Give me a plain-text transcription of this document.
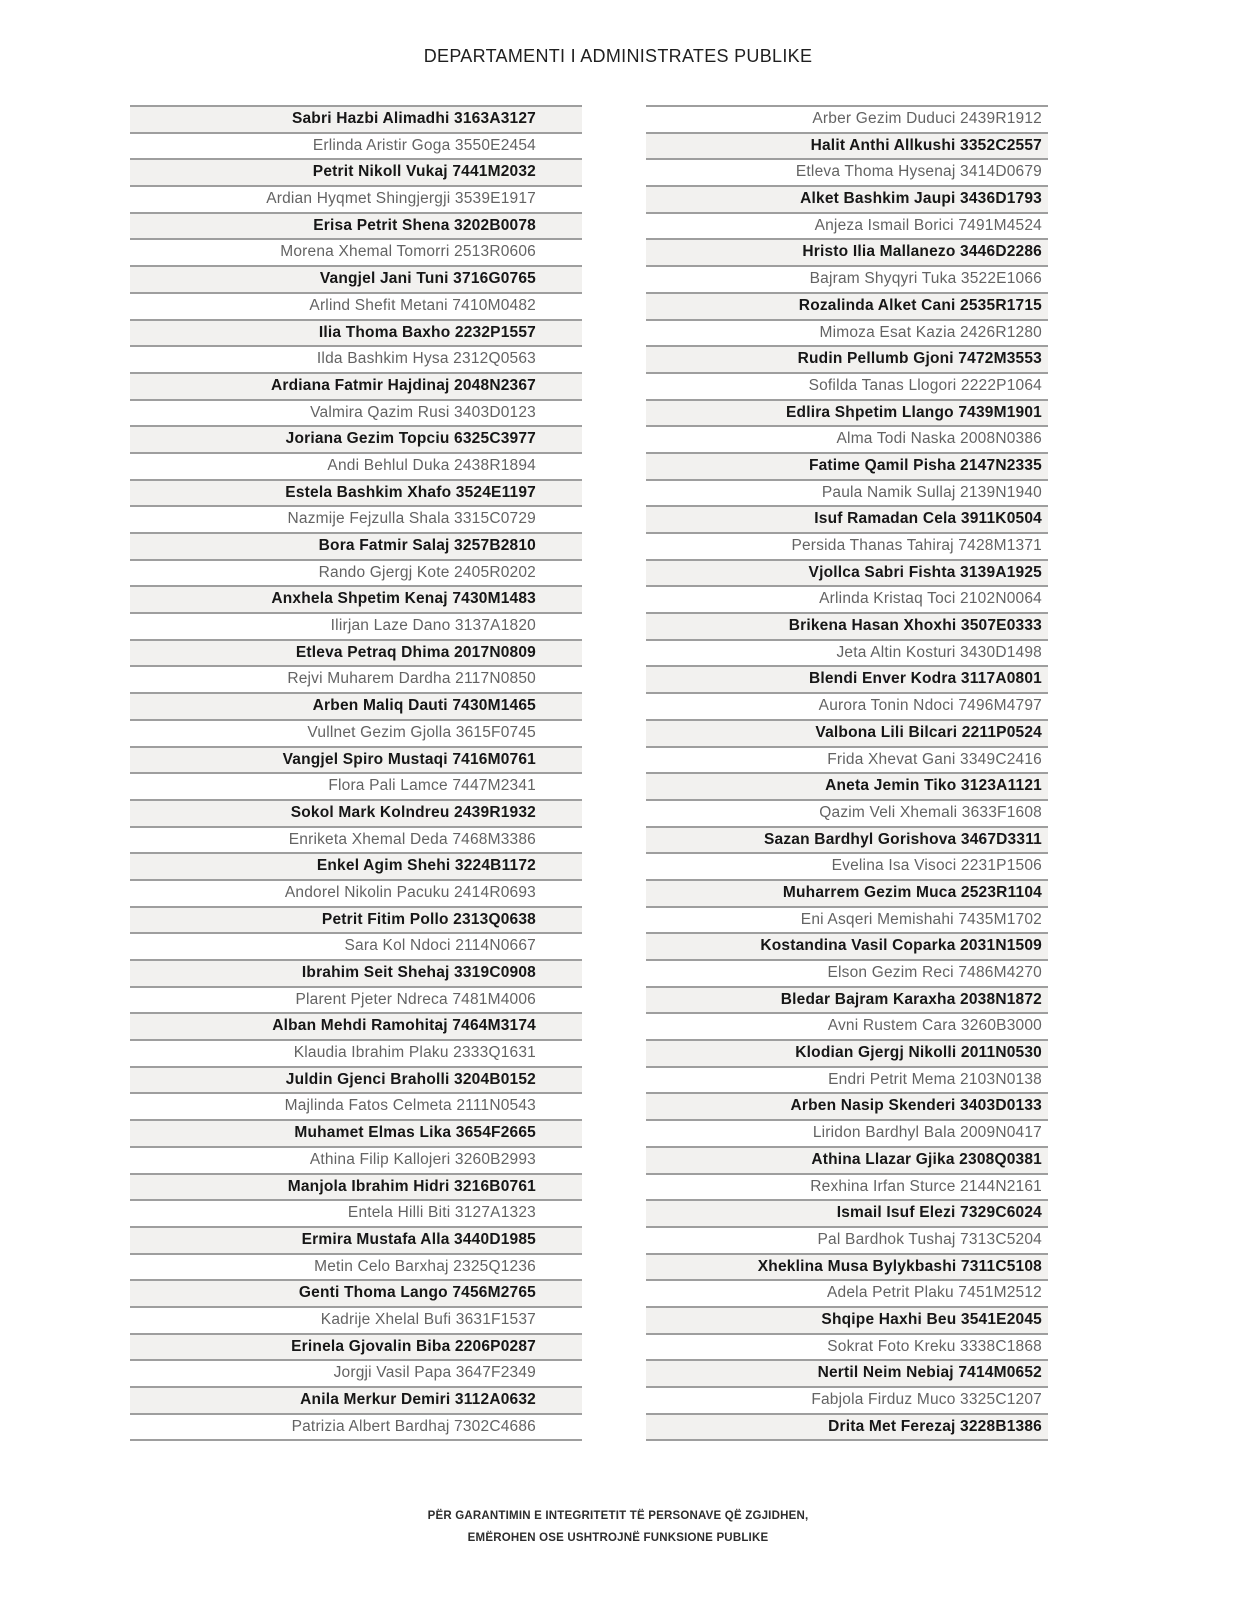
DEPARTAMENTI I ADMINISTRATES PUBLIKE
Sabri Hazbi Alimadhi 3163A3127
Erlinda Aristir Goga 3550E2454
Petrit Nikoll Vukaj 7441M2032
Ardian Hyqmet Shingjergji 3539E1917
Erisa Petrit Shena 3202B0078
Morena Xhemal Tomorri 2513R0606
Vangjel Jani Tuni 3716G0765
Arlind Shefit Metani 7410M0482
Ilia Thoma Baxho 2232P1557
Ilda Bashkim Hysa 2312Q0563
Ardiana Fatmir Hajdinaj 2048N2367
Valmira Qazim Rusi 3403D0123
Joriana Gezim Topciu 6325C3977
Andi Behlul Duka 2438R1894
Estela Bashkim Xhafo 3524E1197
Nazmije Fejzulla Shala 3315C0729
Bora Fatmir Salaj 3257B2810
Rando Gjergj Kote 2405R0202
Anxhela Shpetim Kenaj 7430M1483
Ilirjan Laze Dano 3137A1820
Etleva Petraq Dhima 2017N0809
Rejvi Muharem Dardha 2117N0850
Arben Maliq Dauti 7430M1465
Vullnet Gezim Gjolla 3615F0745
Vangjel Spiro Mustaqi 7416M0761
Flora Pali Lamce 7447M2341
Sokol Mark Kolndreu 2439R1932
Enriketa Xhemal Deda 7468M3386
Enkel Agim Shehi 3224B1172
Andorel Nikolin Pacuku 2414R0693
Petrit Fitim Pollo 2313Q0638
Sara Kol Ndoci 2114N0667
Ibrahim Seit Shehaj 3319C0908
Plarent Pjeter Ndreca 7481M4006
Alban Mehdi Ramohitaj 7464M3174
Klaudia Ibrahim Plaku 2333Q1631
Juldin Gjenci Braholli 3204B0152
Majlinda Fatos Celmeta 2111N0543
Muhamet Elmas Lika 3654F2665
Athina Filip Kallojeri 3260B2993
Manjola Ibrahim Hidri 3216B0761
Entela Hilli Biti 3127A1323
Ermira Mustafa Alla 3440D1985
Metin Celo Barxhaj 2325Q1236
Genti Thoma Lango 7456M2765
Kadrije Xhelal Bufi 3631F1537
Erinela Gjovalin Biba 2206P0287
Jorgji Vasil Papa 3647F2349
Anila Merkur Demiri 3112A0632
Patrizia Albert Bardhaj 7302C4686
Arber Gezim Duduci 2439R1912
Halit Anthi Allkushi 3352C2557
Etleva Thoma Hysenaj 3414D0679
Alket Bashkim Jaupi 3436D1793
Anjeza Ismail Borici 7491M4524
Hristo Ilia Mallanezo 3446D2286
Bajram Shyqyri Tuka 3522E1066
Rozalinda Alket Cani 2535R1715
Mimoza Esat Kazia 2426R1280
Rudin Pellumb Gjoni 7472M3553
Sofilda Tanas Llogori 2222P1064
Edlira Shpetim Llango 7439M1901
Alma Todi Naska 2008N0386
Fatime Qamil Pisha 2147N2335
Paula Namik Sullaj 2139N1940
Isuf Ramadan Cela 3911K0504
Persida Thanas Tahiraj 7428M1371
Vjollca Sabri Fishta 3139A1925
Arlinda Kristaq Toci 2102N0064
Brikena Hasan Xhoxhi 3507E0333
Jeta Altin Kosturi 3430D1498
Blendi Enver Kodra 3117A0801
Aurora Tonin Ndoci 7496M4797
Valbona Lili Bilcari 2211P0524
Frida Xhevat Gani 3349C2416
Aneta Jemin Tiko 3123A1121
Qazim Veli Xhemali 3633F1608
Sazan Bardhyl Gorishova 3467D3311
Evelina Isa Visoci 2231P1506
Muharrem Gezim Muca 2523R1104
Eni Asqeri Memishahi 7435M1702
Kostandina Vasil Coparka 2031N1509
Elson Gezim Reci 7486M4270
Bledar Bajram Karaxha 2038N1872
Avni Rustem Cara 3260B3000
Klodian Gjergj Nikolli 2011N0530
Endri Petrit Mema 2103N0138
Arben Nasip Skenderi 3403D0133
Liridon Bardhyl Bala 2009N0417
Athina Llazar Gjika 2308Q0381
Rexhina Irfan Sturce 2144N2161
Ismail Isuf Elezi 7329C6024
Pal Bardhok Tushaj 7313C5204
Xheklina Musa Bylykbashi 7311C5108
Adela Petrit Plaku 7451M2512
Shqipe Haxhi Beu 3541E2045
Sokrat Foto Kreku 3338C1868
Nertil Neim Nebiaj 7414M0652
Fabjola Firduz Muco 3325C1207
Drita Met Ferezaj 3228B1386
PËR GARANTIMIN E INTEGRITETIT TË PERSONAVE QË ZGJIDHEN,
EMËROHEN OSE USHTROJNË FUNKSIONE PUBLIKE
